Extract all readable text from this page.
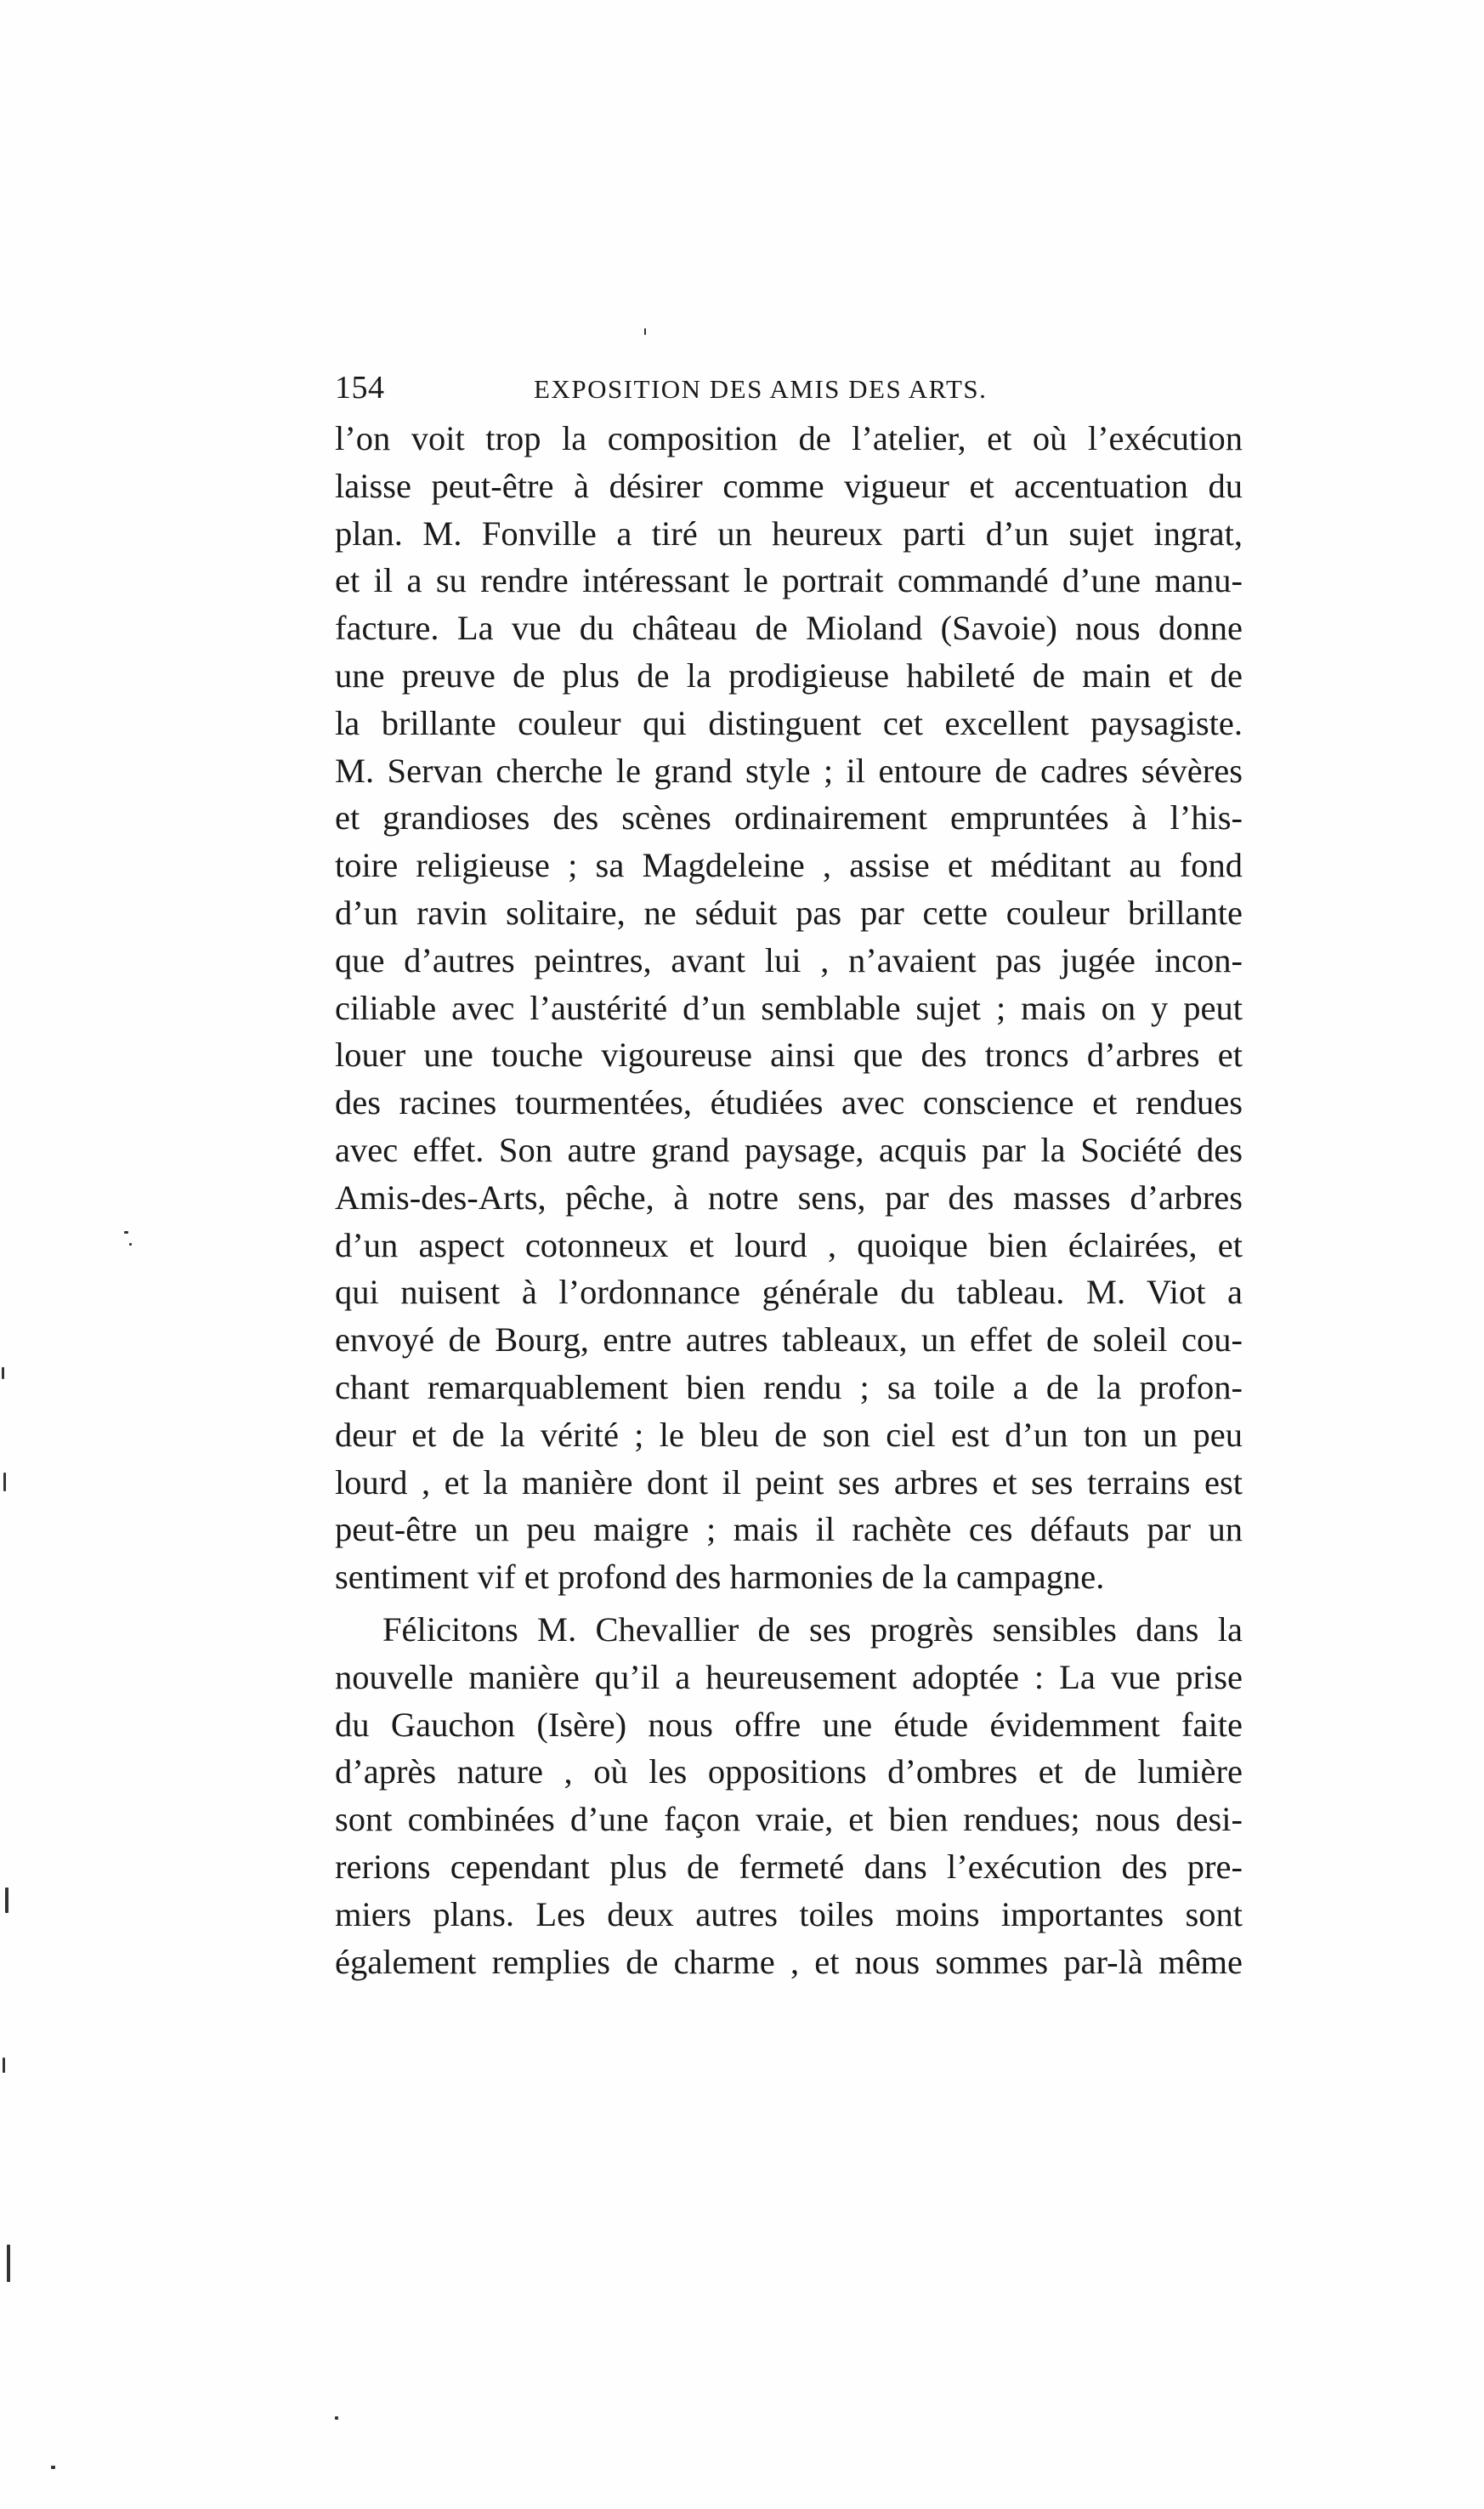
154	EXPOSITION DES AMIS DES ARTS.
l’on voit trop la composition de l’atelier, et où l’exécution
laisse peut-être à désirer comme vigueur et accentuation du
plan. M. Fonville a tiré un heureux parti d’un sujet ingrat,
et il a su rendre intéressant le portrait commandé d’une manu-
facture. La vue du château de Mioland (Savoie) nous donne
une preuve de plus de la prodigieuse habileté de main et de
la brillante couleur qui distinguent cet excellent paysagiste.
M. Servan cherche le grand style ; il entoure de cadres sévères
et grandioses des scènes ordinairement empruntées à l’his-
toire religieuse ; sa Magdeleine , assise et méditant au fond
d’un ravin solitaire, ne séduit pas par cette couleur brillante
que d’autres peintres, avant lui , n’avaient pas jugée incon-
ciliable avec l’austérité d’un semblable sujet ; mais on y peut
louer une touche vigoureuse ainsi que des troncs d’arbres et
des racines tourmentées, étudiées avec conscience et rendues
avec effet. Son autre grand paysage, acquis par la Société des
Amis-des-Arts, pêche, à notre sens, par des masses d’arbres
d’un aspect cotonneux et lourd , quoique bien éclairées, et
qui nuisent à l’ordonnance générale du tableau. M. Viot a
envoyé de Bourg, entre autres tableaux, un effet de soleil cou-
chant remarquablement bien rendu ; sa toile a de la profon-
deur et de la vérité ; le bleu de son ciel est d’un ton un peu
lourd , et la manière dont il peint ses arbres et ses terrains est
peut-être un peu maigre ; mais il rachète ces défauts par un
sentiment vif et profond des harmonies de la campagne.
Félicitons M. Chevallier de ses progrès sensibles dans la
nouvelle manière qu’il a heureusement adoptée : La vue prise
du Gauchon (Isère) nous offre une étude évidemment faite
d’après nature , où les oppositions d’ombres et de lumière
sont combinées d’une façon vraie, et bien rendues; nous desi-
rerions cependant plus de fermeté dans l’exécution des pre-
miers plans. Les deux autres toiles moins importantes sont
également remplies de charme , et nous sommes par-là même
